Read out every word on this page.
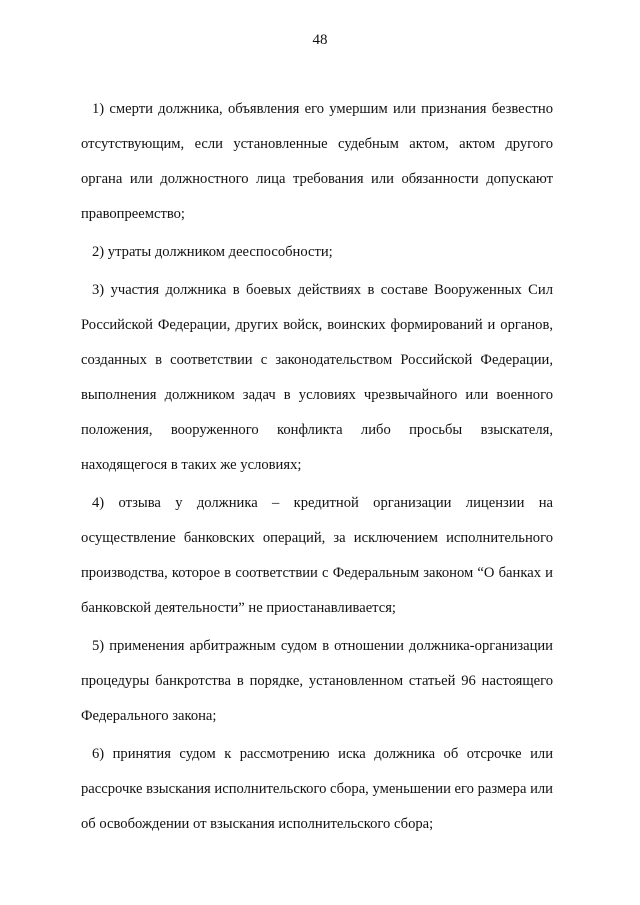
48

1) смерти должника, объявления его умершим или признания безвестно отсутствующим, если установленные судебным актом, актом другого органа или должностного лица требования или обязанности допускают правопреемство;

2) утраты должником дееспособности;

3) участия должника в боевых действиях в составе Вооруженных Сил Российской Федерации, других войск, воинских формирований и органов, созданных в соответствии с законодательством Российской Федерации, выполнения должником задач в условиях чрезвычайного или военного положения, вооруженного конфликта либо просьбы взыскателя, находящегося в таких же условиях;

4) отзыва у должника – кредитной организации лицензии на осуществление банковских операций, за исключением исполнительного производства, которое в соответствии с Федеральным законом “О банках и банковской деятельности” не приостанавливается;

5) применения арбитражным судом в отношении должника-организации процедуры банкротства в порядке, установленном статьей 96 настоящего Федерального закона;

6) принятия судом к рассмотрению иска должника об отсрочке или рассрочке взыскания исполнительского сбора, уменьшении его размера или об освобождении от взыскания исполнительского сбора;
